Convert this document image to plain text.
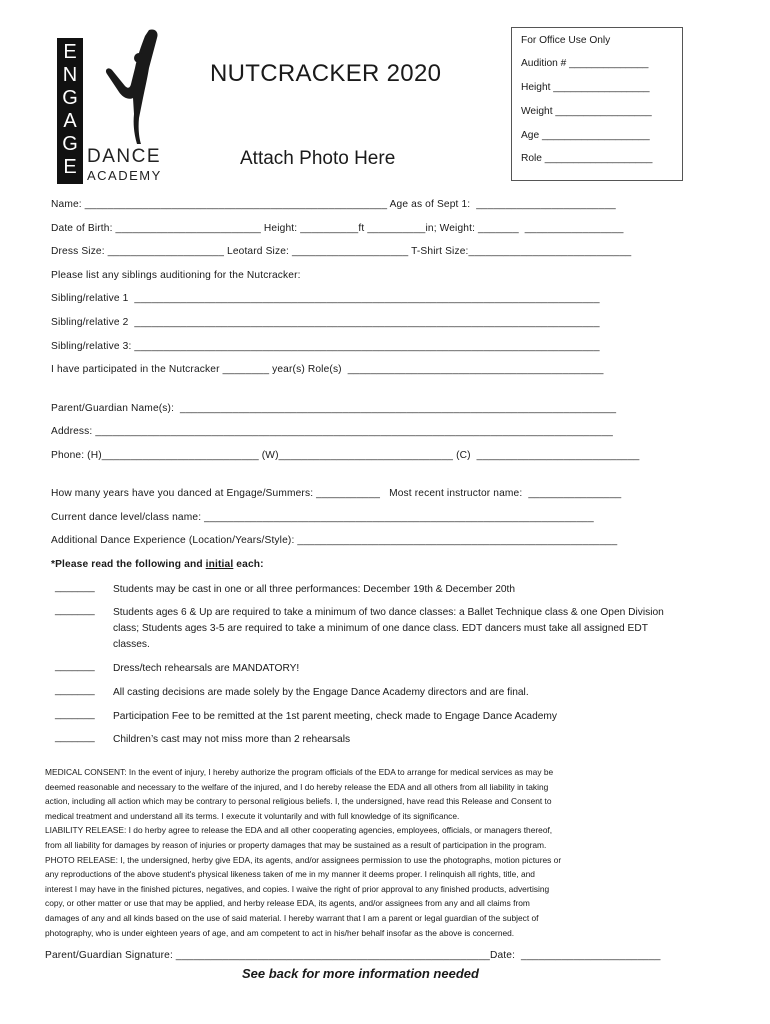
E
N
G
A
G
E DANCE
ACADEMY
NUTCRACKER 2020
Attach Photo Here
For Office Use Only
Audition # ______________
Height _________________
Weight _________________
Age ___________________
Role ___________________
Name: ____________________________________________________ Age as of Sept 1:  ________________________
Date of Birth: _________________________ Height: __________ft __________in; Weight: _______  _________________
Dress Size: ____________________ Leotard Size: ____________________ T-Shirt Size:____________________________
Please list any siblings auditioning for the Nutcracker:
Sibling/relative 1  ________________________________________________________________________________
Sibling/relative 2  ________________________________________________________________________________
Sibling/relative 3: ________________________________________________________________________________
I have participated in the Nutcracker ________ year(s) Role(s)  ____________________________________________
Parent/Guardian Name(s):  ___________________________________________________________________________
Address: _________________________________________________________________________________________
Phone: (H)___________________________ (W)______________________________ (C)  ____________________________
How many years have you danced at Engage/Summers: ___________   Most recent instructor name:  ________________
Current dance level/class name: ___________________________________________________________________
Additional Dance Experience (Location/Years/Style): _______________________________________________________
*Please read the following and initial each:
_______ Students may be cast in one or all three performances: December 19th & December 20th
_______ Students ages 6 & Up are required to take a minimum of two dance classes: a Ballet Technique class & one Open Division class; Students ages 3-5 are required to take a minimum of one dance class. EDT dancers must take all assigned EDT classes.
_______ Dress/tech rehearsals are MANDATORY!
_______ All casting decisions are made solely by the Engage Dance Academy directors and are final.
_______ Participation Fee to be remitted at the 1st parent meeting, check made to Engage Dance Academy
_______ Children’s cast may not miss more than 2 rehearsals
MEDICAL CONSENT: In the event of injury, I hereby authorize the program officials of the EDA to arrange for medical services as may be
deemed reasonable and necessary to the welfare of the injured, and I do hereby release the EDA and all others from all liability in taking
action, including all action which may be contrary to personal religious beliefs. I, the undersigned, have read this Release and Consent to
medical treatment and understand all its terms. I execute it voluntarily and with full knowledge of its significance.
LIABILITY RELEASE: I do herby agree to release the EDA and all other cooperating agencies, employees, officials, or managers thereof,
from all liability for damages by reason of injuries or property damages that may be sustained as a result of participation in the program.
PHOTO RELEASE: I, the undersigned, herby give EDA, its agents, and/or assignees permission to use the photographs, motion pictures or
any reproductions of the above student's physical likeness taken of me in my manner it deems proper. I relinquish all rights, title, and
interest I may have in the finished pictures, negatives, and copies. I waive the right of prior approval to any finished products, advertising
copy, or other matter or use that may be applied, and herby release EDA, its agents, and/or assignees from any and all claims from
damages of any and all kinds based on the use of said material. I hereby warrant that I am a parent or legal guardian of the subject of
photography, who is under eighteen years of age, and am competent to act in his/her behalf insofar as the above is concerned.
Parent/Guardian Signature: ______________________________________________________Date:  ________________________
See back for more information needed
